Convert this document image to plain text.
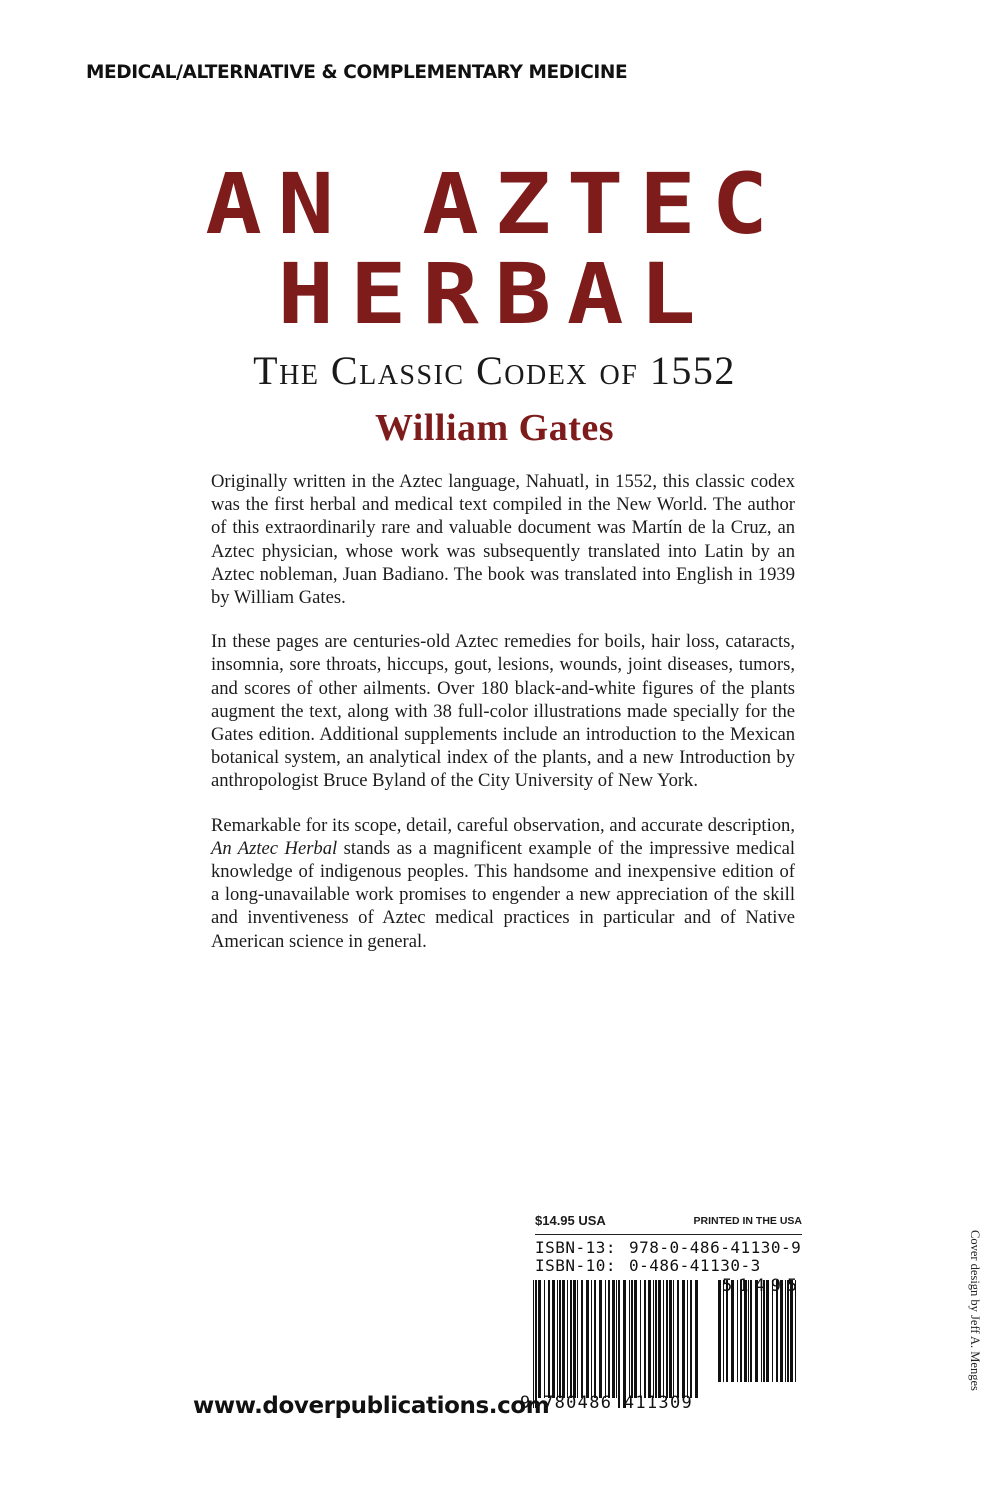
MEDICAL/ALTERNATIVE & COMPLEMENTARY MEDICINE
AN AZTEC
HERBAL
The Classic Codex of 1552
William Gates

Originally written in the Aztec language, Nahuatl, in 1552, this classic codex was the first herbal and medical text compiled in the New World. The author of this extraordinarily rare and valuable document was Martín de la Cruz, an Aztec physician, whose work was subsequently translated into Latin by an Aztec nobleman, Juan Badiano. The book was translated into English in 1939 by William Gates.

In these pages are centuries-old Aztec remedies for boils, hair loss, cataracts, insomnia, sore throats, hiccups, gout, lesions, wounds, joint diseases, tumors, and scores of other ailments. Over 180 black-and-white figures of the plants augment the text, along with 38 full-color illustrations made specially for the Gates edition. Additional supplements include an introduction to the Mexican botanical system, an analytical index of the plants, and a new Introduction by anthropologist Bruce Byland of the City University of New York.

Remarkable for its scope, detail, careful observation, and accurate description, An Aztec Herbal stands as a magnificent example of the impressive medical knowledge of indigenous peoples. This handsome and inexpensive edition of a long-unavailable work promises to engender a new appreciation of the skill and inventiveness of Aztec medical practices in particular and of Native American science in general.

$14.95 USA	PRINTED IN THE USA
ISBN-13: 978-0-486-41130-9
ISBN-10: 0-486-41130-3
9 780486 411309
51495
www.doverpublications.com
Cover design by Jeff A. Menges
